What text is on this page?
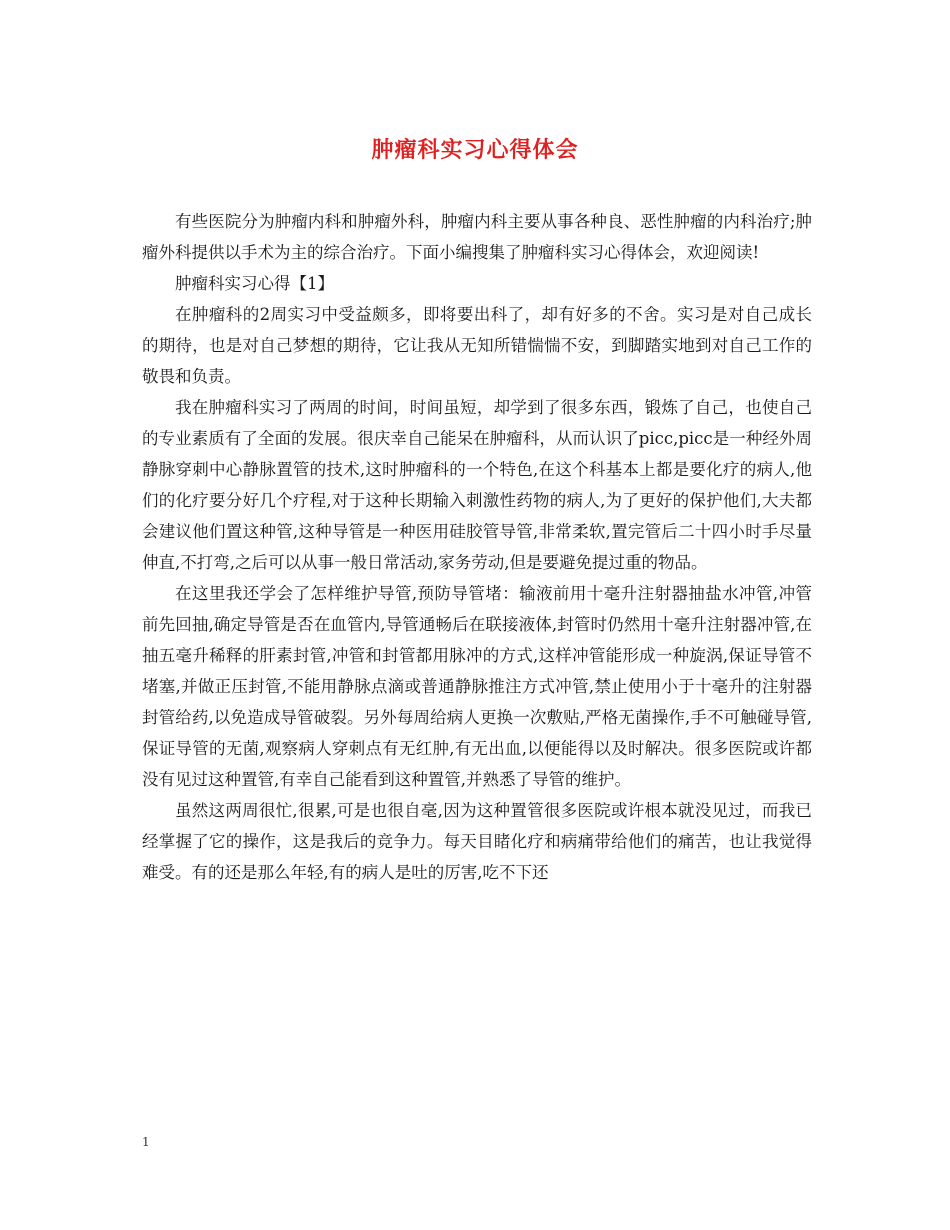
肿瘤科实习心得体会

有些医院分为肿瘤内科和肿瘤外科，肿瘤内科主要从事各种良、恶性肿瘤的内科治疗;肿瘤外科提供以手术为主的综合治疗。下面小编搜集了肿瘤科实习心得体会，欢迎阅读!

肿瘤科实习心得【1】

在肿瘤科的2周实习中受益颇多，即将要出科了，却有好多的不舍。实习是对自己成长的期待，也是对自己梦想的期待，它让我从无知所错惴惴不安，到脚踏实地到对自己工作的敬畏和负责。

我在肿瘤科实习了两周的时间，时间虽短，却学到了很多东西，锻炼了自己，也使自己的专业素质有了全面的发展。很庆幸自己能呆在肿瘤科，从而认识了picc,picc是一种经外周静脉穿刺中心静脉置管的技术,这时肿瘤科的一个特色,在这个科基本上都是要化疗的病人,他们的化疗要分好几个疗程,对于这种长期输入刺激性药物的病人,为了更好的保护他们,大夫都会建议他们置这种管,这种导管是一种医用硅胶管导管,非常柔软,置完管后二十四小时手尽量伸直,不打弯,之后可以从事一般日常活动,家务劳动,但是要避免提过重的物品。

在这里我还学会了怎样维护导管,预防导管堵：输液前用十毫升注射器抽盐水冲管,冲管前先回抽,确定导管是否在血管内,导管通畅后在联接液体,封管时仍然用十毫升注射器冲管,在抽五毫升稀释的肝素封管,冲管和封管都用脉冲的方式,这样冲管能形成一种旋涡,保证导管不堵塞,并做正压封管,不能用静脉点滴或普通静脉推注方式冲管,禁止使用小于十毫升的注射器封管给药,以免造成导管破裂。另外每周给病人更换一次敷贴,严格无菌操作,手不可触碰导管,保证导管的无菌,观察病人穿刺点有无红肿,有无出血,以便能得以及时解决。很多医院或许都没有见过这种置管,有幸自己能看到这种置管,并熟悉了导管的维护。

虽然这两周很忙,很累,可是也很自毫,因为这种置管很多医院或许根本就没见过，而我已经掌握了它的操作，这是我后的竞争力。每天目睹化疗和病痛带给他们的痛苦，也让我觉得难受。有的还是那么年轻,有的病人是吐的厉害,吃不下还

1
